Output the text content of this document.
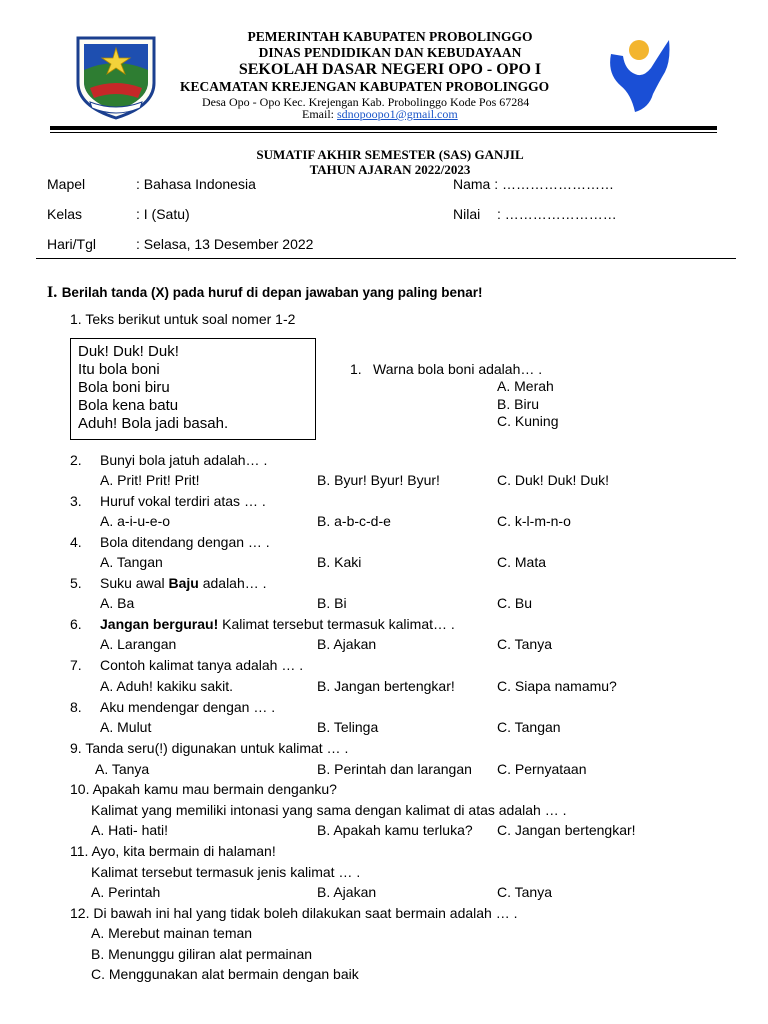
PEMERINTAH KABUPATEN PROBOLINGGO
DINAS PENDIDIKAN DAN KEBUDAYAAN
SEKOLAH DASAR NEGERI OPO - OPO I
KECAMATAN KREJENGAN KABUPATEN PROBOLINGGO
Desa Opo - Opo Kec. Krejengan Kab. Probolinggo Kode Pos 67284
Email: sdnopoopo1@gmail.com
SUMATIF AKHIR SEMESTER (SAS) GANJIL
TAHUN AJARAN 2022/2023
Mapel	: Bahasa Indonesia	Nama : ……………………
Kelas	: I (Satu)	Nilai : ……………………
Hari/Tgl	: Selasa, 13 Desember 2022
I. Berilah tanda (X) pada huruf di depan jawaban yang paling benar!
1. Teks berikut untuk soal nomer 1-2
Duk! Duk! Duk!
Itu bola boni
Bola boni biru
Bola kena batu
Aduh! Bola jadi basah.
1. Warna bola boni adalah… .
A. Merah
B. Biru
C. Kuning
2. Bunyi bola jatuh adalah… .
A. Prit! Prit! Prit!	B. Byur! Byur! Byur!	C. Duk! Duk! Duk!
3. Huruf vokal terdiri atas … .
A. a-i-u-e-o	B. a-b-c-d-e	C. k-l-m-n-o
4. Bola ditendang dengan … .
A. Tangan	B. Kaki	C. Mata
5. Suku awal Baju adalah… .
A. Ba	B. Bi	C. Bu
6. Jangan bergurau! Kalimat tersebut termasuk kalimat… .
A. Larangan	B. Ajakan	C. Tanya
7. Contoh kalimat tanya adalah … .
A. Aduh! kakiku sakit.	B. Jangan bertengkar!	C. Siapa namamu?
8. Aku mendengar dengan … .
A. Mulut	B. Telinga	C. Tangan
9. Tanda seru(!) digunakan untuk kalimat … .
A. Tanya	B. Perintah dan larangan C. Pernyataan
10. Apakah kamu mau bermain denganku?
Kalimat yang memiliki intonasi yang sama dengan kalimat di atas adalah … .
A. Hati- hati!	B. Apakah kamu terluka? C. Jangan bertengkar!
11. Ayo, kita bermain di halaman!
Kalimat tersebut termasuk jenis kalimat … .
A. Perintah	B. Ajakan	C. Tanya
12. Di bawah ini hal yang tidak boleh dilakukan saat bermain adalah … .
A. Merebut mainan teman
B. Menunggu giliran alat permainan
C. Menggunakan alat bermain dengan baik
